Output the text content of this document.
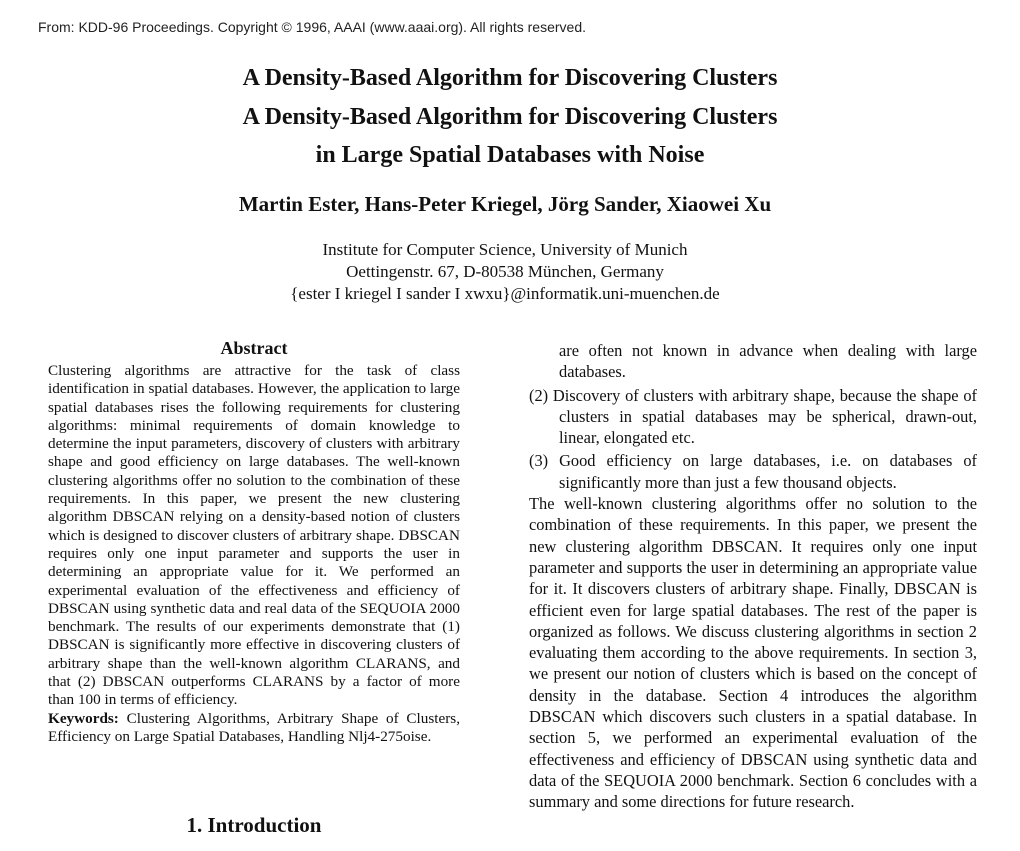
From: KDD-96 Proceedings. Copyright © 1996, AAAI (www.aaai.org). All rights reserved.
A Density-Based Algorithm for Discovering Clusters
A Density-Based Algorithm for Discovering Clusters
in Large Spatial Databases with Noise
Martin Ester, Hans-Peter Kriegel, Jörg Sander, Xiaowei Xu
Institute for Computer Science, University of Munich
Oettingenstr. 67, D-80538 München, Germany
{ester I kriegel I sander I xwxu}@informatik.uni-muenchen.de
Abstract

Clustering algorithms are attractive for the task of class identification in spatial databases. However, the application to large spatial databases rises the following requirements for clustering algorithms: minimal requirements of domain knowledge to determine the input parameters, discovery of clusters with arbitrary shape and good efficiency on large databases. The well-known clustering algorithms offer no solution to the combination of these requirements. In this paper, we present the new clustering algorithm DBSCAN relying on a density-based notion of clusters which is designed to discover clusters of arbitrary shape. DBSCAN requires only one input parameter and supports the user in determining an appropriate value for it. We performed an experimental evaluation of the effectiveness and efficiency of DBSCAN using synthetic data and real data of the SEQUOIA 2000 benchmark. The results of our experiments demonstrate that (1) DBSCAN is significantly more effective in discovering clusters of arbitrary shape than the well-known algorithm CLARANS, and that (2) DBSCAN outperforms CLARANS by a factor of more than 100 in terms of efficiency.

Keywords: Clustering Algorithms, Arbitrary Shape of Clusters, Efficiency on Large Spatial Databases, Handling Nlj4-275oise.

1. Introduction

are often not known in advance when dealing with large databases.

(2) Discovery of clusters with arbitrary shape, because the shape of clusters in spatial databases may be spherical, drawn-out, linear, elongated etc.

(3) Good efficiency on large databases, i.e. on databases of significantly more than just a few thousand objects.

The well-known clustering algorithms offer no solution to the combination of these requirements. In this paper, we present the new clustering algorithm DBSCAN. It requires only one input parameter and supports the user in determining an appropriate value for it. It discovers clusters of arbitrary shape. Finally, DBSCAN is efficient even for large spatial databases. The rest of the paper is organized as follows. We discuss clustering algorithms in section 2 evaluating them according to the above requirements. In section 3, we present our notion of clusters which is based on the concept of density in the database. Section 4 introduces the algorithm DBSCAN which discovers such clusters in a spatial database. In section 5, we performed an experimental evaluation of the effectiveness and efficiency of DBSCAN using synthetic data and data of the SEQUOIA 2000 benchmark. Section 6 concludes with a summary and some directions for future research.
